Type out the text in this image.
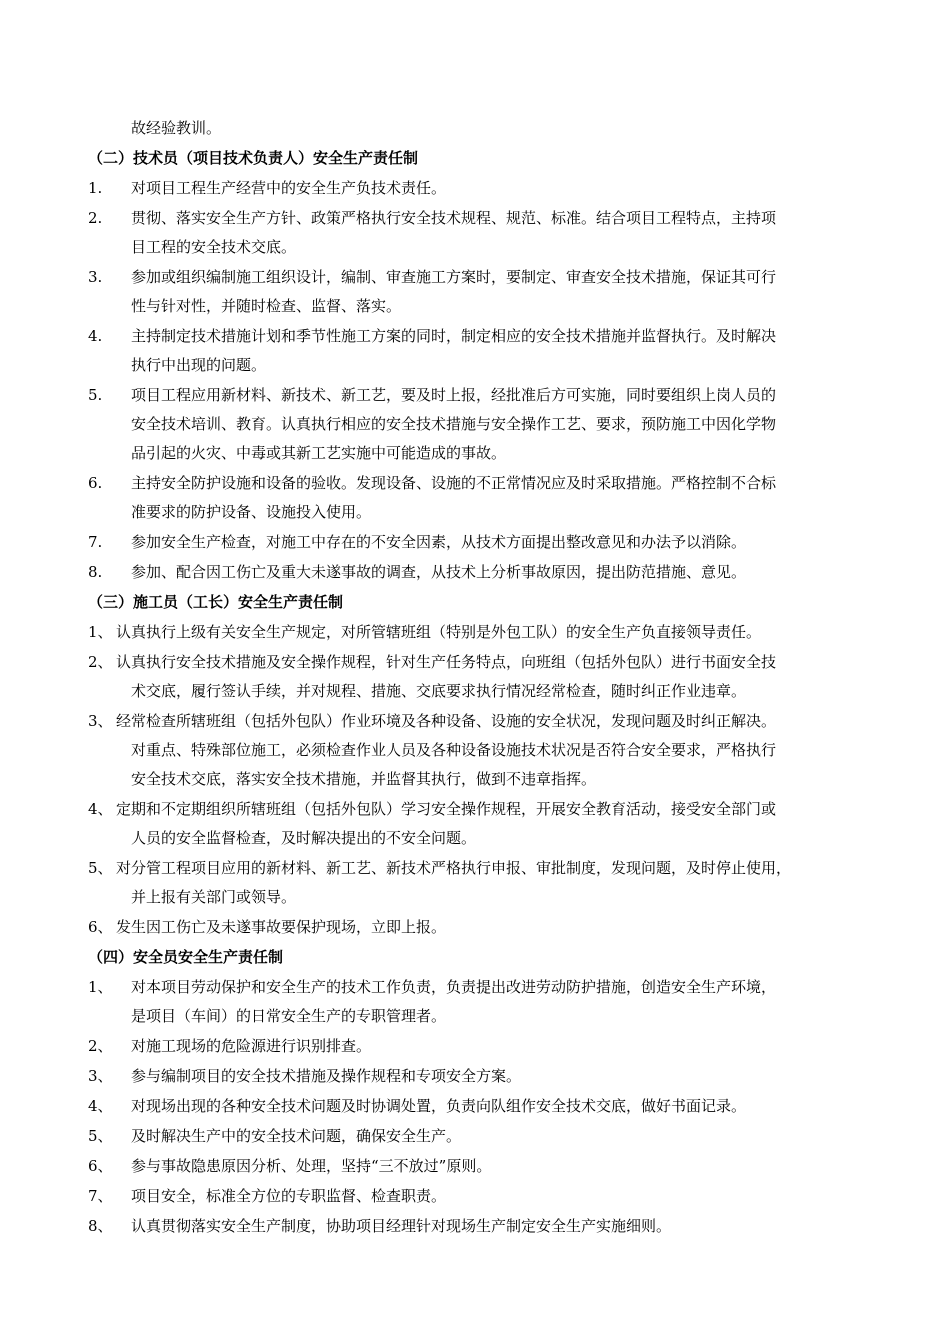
故经验教训。
（二）技术员（项目技术负责人）安全生产责任制
1. 对项目工程生产经营中的安全生产负技术责任。
2. 贯彻、落实安全生产方针、政策严格执行安全技术规程、规范、标准。结合项目工程特点，主持项
目工程的安全技术交底。
3. 参加或组织编制施工组织设计，编制、审查施工方案时，要制定、审查安全技术措施，保证其可行
性与针对性，并随时检查、监督、落实。
4. 主持制定技术措施计划和季节性施工方案的同时，制定相应的安全技术措施并监督执行。及时解决
执行中出现的问题。
5. 项目工程应用新材料、新技术、新工艺，要及时上报，经批准后方可实施，同时要组织上岗人员的
安全技术培训、教育。认真执行相应的安全技术措施与安全操作工艺、要求，预防施工中因化学物
品引起的火灾、中毒或其新工艺实施中可能造成的事故。
6. 主持安全防护设施和设备的验收。发现设备、设施的不正常情况应及时采取措施。严格控制不合标
准要求的防护设备、设施投入使用。
7. 参加安全生产检查，对施工中存在的不安全因素，从技术方面提出整改意见和办法予以消除。
8. 参加、配合因工伤亡及重大未遂事故的调查，从技术上分析事故原因，提出防范措施、意见。
（三）施工员（工长）安全生产责任制
1、 认真执行上级有关安全生产规定，对所管辖班组（特别是外包工队）的安全生产负直接领导责任。
2、 认真执行安全技术措施及安全操作规程，针对生产任务特点，向班组（包括外包队）进行书面安全技
术交底，履行签认手续，并对规程、措施、交底要求执行情况经常检查，随时纠正作业违章。
3、 经常检查所辖班组（包括外包队）作业环境及各种设备、设施的安全状况，发现问题及时纠正解决。
对重点、特殊部位施工，必须检查作业人员及各种设备设施技术状况是否符合安全要求，严格执行
安全技术交底，落实安全技术措施，并监督其执行，做到不违章指挥。
4、 定期和不定期组织所辖班组（包括外包队）学习安全操作规程，开展安全教育活动，接受安全部门或
人员的安全监督检查，及时解决提出的不安全问题。
5、 对分管工程项目应用的新材料、新工艺、新技术严格执行申报、审批制度，发现问题，及时停止使用，
并上报有关部门或领导。
6、 发生因工伤亡及未遂事故要保护现场，立即上报。
（四）安全员安全生产责任制
1、 对本项目劳动保护和安全生产的技术工作负责，负责提出改进劳动防护措施，创造安全生产环境，
是项目（车间）的日常安全生产的专职管理者。
2、 对施工现场的危险源进行识别排查。
3、 参与编制项目的安全技术措施及操作规程和专项安全方案。
4、 对现场出现的各种安全技术问题及时协调处置，负责向队组作安全技术交底，做好书面记录。
5、 及时解决生产中的安全技术问题，确保安全生产。
6、 参与事故隐患原因分析、处理，坚持“三不放过”原则。
7、 项目安全，标准全方位的专职监督、检查职责。
8、 认真贯彻落实安全生产制度，协助项目经理针对现场生产制定安全生产实施细则。
